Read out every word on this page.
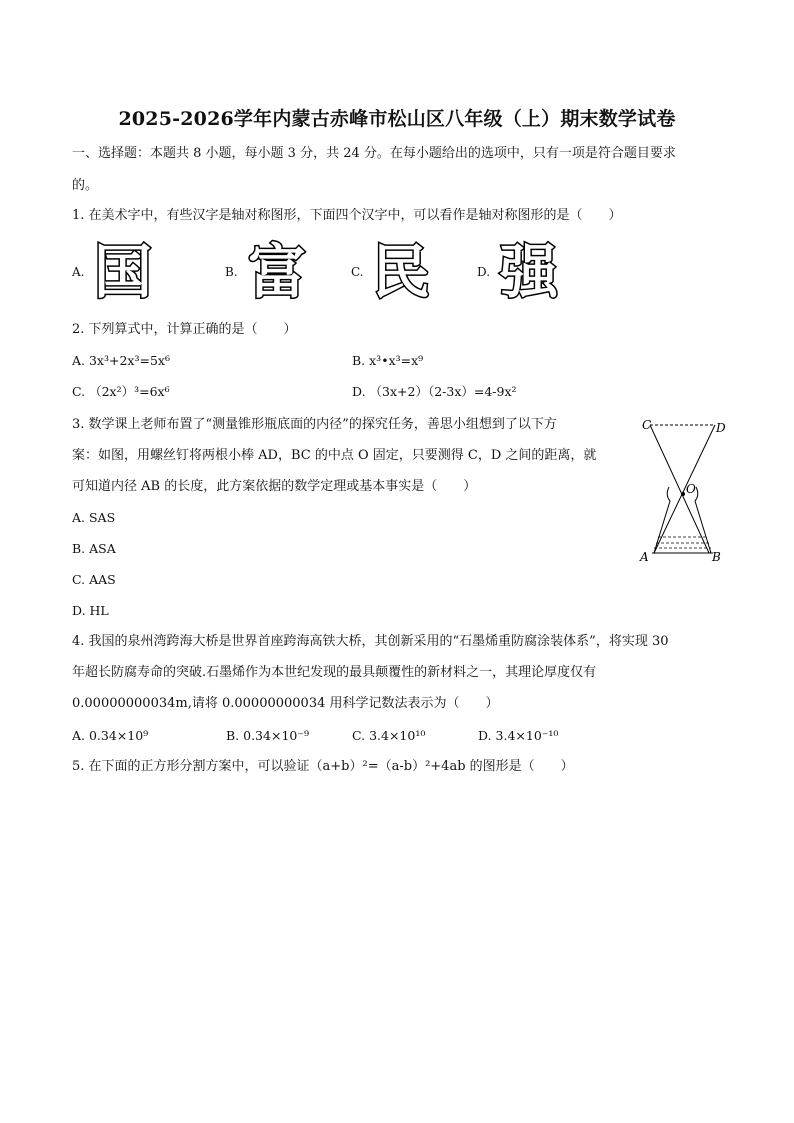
2025-2026学年内蒙古赤峰市松山区八年级（上）期末数学试卷
一、选择题：本题共 8 小题，每小题 3 分，共 24 分。在每小题给出的选项中，只有一项是符合题目要求
的。
1. 在美术字中，有些汉字是轴对称图形，下面四个汉字中，可以看作是轴对称图形的是（　　）
A. 国	B. 富	C. 民	D. 强
2. 下列算式中，计算正确的是（　　）
A. 3x³+2x³=5x⁶	B. x³•x³=x⁹
C. （2x²）³=6x⁶	D. （3x+2）（2-3x）=4-9x²
3. 数学课上老师布置了“测量锥形瓶底面的内径”的探究任务，善思小组想到了以下方
案：如图，用螺丝钉将两根小棒 AD，BC 的中点 O 固定，只要测得 C，D 之间的距离，就
可知道内径 AB 的长度，此方案依据的数学定理或基本事实是（　　）
A. SAS
B. ASA
C. AAS
D. HL
C	D
O
A	B
4. 我国的泉州湾跨海大桥是世界首座跨海高铁大桥，其创新采用的“石墨烯重防腐涂装体系”，将实现 30
年超长防腐寿命的突破.石墨烯作为本世纪发现的最具颠覆性的新材料之一，其理论厚度仅有
0.00000000034m,请将 0.00000000034 用科学记数法表示为（　　）
A. 0.34×10⁹	B. 0.34×10⁻⁹	C. 3.4×10¹⁰	D. 3.4×10⁻¹⁰
5. 在下面的正方形分割方案中，可以验证（a+b）²=（a-b）²+4ab 的图形是（　　）
